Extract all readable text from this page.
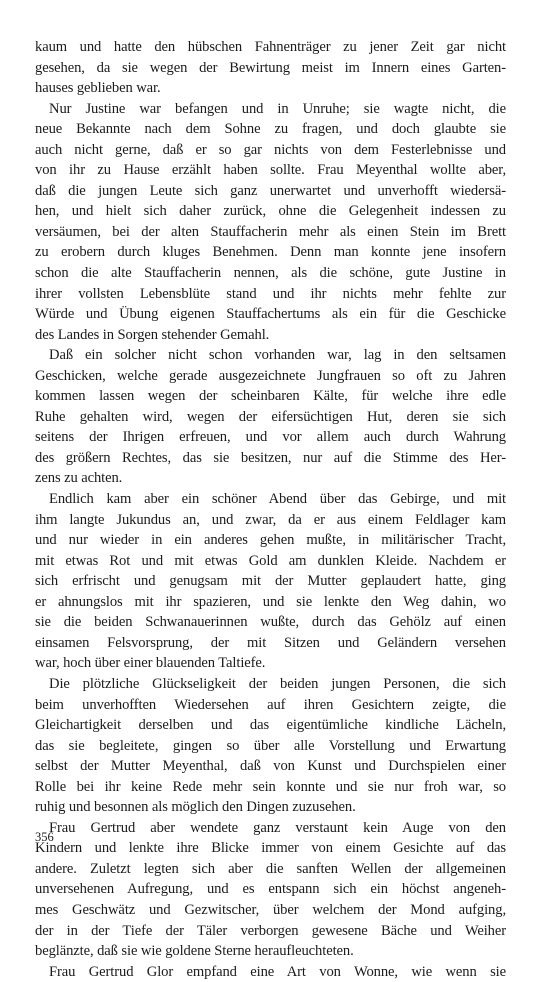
kaum und hatte den hübschen Fahnenträger zu jener Zeit gar nicht
gesehen, da sie wegen der Bewirtung meist im Innern eines Garten-
hauses geblieben war.
Nur Justine war befangen und in Unruhe; sie wagte nicht, die
neue Bekannte nach dem Sohne zu fragen, und doch glaubte sie
auch nicht gerne, daß er so gar nichts von dem Festerlebnisse und
von ihr zu Hause erzählt haben sollte. Frau Meyenthal wollte aber,
daß die jungen Leute sich ganz unerwartet und unverhofft wiedersä-
hen, und hielt sich daher zurück, ohne die Gelegenheit indessen zu
versäumen, bei der alten Stauffacherin mehr als einen Stein im Brett
zu erobern durch kluges Benehmen. Denn man konnte jene insofern
schon die alte Stauffacherin nennen, als die schöne, gute Justine in
ihrer vollsten Lebensblüte stand und ihr nichts mehr fehlte zur
Würde und Übung eigenen Stauffachertums als ein für die Geschicke
des Landes in Sorgen stehender Gemahl.
Daß ein solcher nicht schon vorhanden war, lag in den seltsamen
Geschicken, welche gerade ausgezeichnete Jungfrauen so oft zu Jahren
kommen lassen wegen der scheinbaren Kälte, für welche ihre edle
Ruhe gehalten wird, wegen der eifersüchtigen Hut, deren sie sich
seitens der Ihrigen erfreuen, und vor allem auch durch Wahrung
des größern Rechtes, das sie besitzen, nur auf die Stimme des Her-
zens zu achten.
Endlich kam aber ein schöner Abend über das Gebirge, und mit
ihm langte Jukundus an, und zwar, da er aus einem Feldlager kam
und nur wieder in ein anderes gehen mußte, in militärischer Tracht,
mit etwas Rot und mit etwas Gold am dunklen Kleide. Nachdem er
sich erfrischt und genugsam mit der Mutter geplaudert hatte, ging
er ahnungslos mit ihr spazieren, und sie lenkte den Weg dahin, wo
sie die beiden Schwanauerinnen wußte, durch das Gehölz auf einen
einsamen Felsvorsprung, der mit Sitzen und Geländern versehen
war, hoch über einer blauenden Taltiefe.
Die plötzliche Glückseligkeit der beiden jungen Personen, die sich
beim unverhofften Wiedersehen auf ihren Gesichtern zeigte, die
Gleichartigkeit derselben und das eigentümliche kindliche Lächeln,
das sie begleitete, gingen so über alle Vorstellung und Erwartung
selbst der Mutter Meyenthal, daß von Kunst und Durchspielen einer
Rolle bei ihr keine Rede mehr sein konnte und sie nur froh war, so
ruhig und besonnen als möglich den Dingen zuzusehen.
Frau Gertrud aber wendete ganz verstaunt kein Auge von den
Kindern und lenkte ihre Blicke immer von einem Gesichte auf das
andere. Zuletzt legten sich aber die sanften Wellen der allgemeinen
unversehenen Aufregung, und es entspann sich ein höchst angeneh-
mes Geschwätz und Gezwitscher, über welchem der Mond aufging,
der in der Tiefe der Täler verborgen gewesene Bäche und Weiher
beglänzte, daß sie wie goldene Sterne heraufleuchteten.
Frau Gertrud Glor empfand eine Art von Wonne, wie wenn sie
356
